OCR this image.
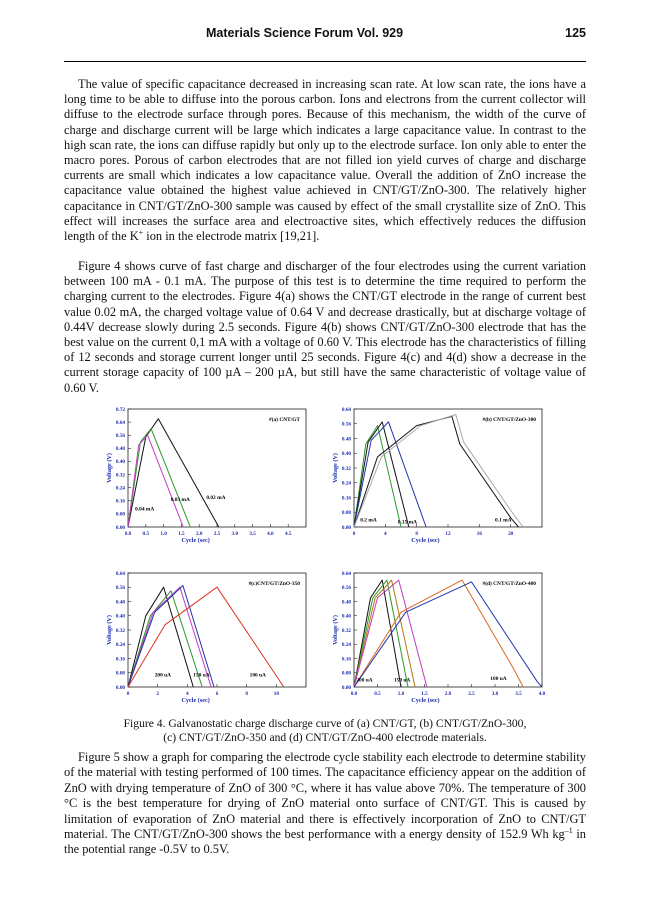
Materials Science Forum Vol. 929	125

The value of specific capacitance decreased in increasing scan rate. At low scan rate, the ions have a long time to be able to diffuse into the porous carbon. Ions and electrons from the current collector will diffuse to the electrode surface through pores. Because of this mechanism, the width of the curve of charge and discharge current will be large which indicates a large capacitance value. In contrast to the high scan rate, the ions can diffuse rapidly but only up to the electrode surface. Ion only able to enter the macro pores. Porous of carbon electrodes that are not filled ion yield curves of charge and discharge currents are small which indicates a low capacitance value. Overall the addition of ZnO increase the capacitance value obtained the highest value achieved in CNT/GT/ZnO-300. The relatively higher capacitance in CNT/GT/ZnO-300 sample was caused by effect of the small crystallite size of ZnO. This effect will increases the surface area and electroactive sites, which effectively reduces the diffusion length of the K+ ion in the electrode matrix [19,21].

Figure 4 shows curve of fast charge and discharger of the four electrodes using the current variation between 100 mA - 0.1 mA. The purpose of this test is to determine the time required to perform the charging current to the electrodes. Figure 4(a) shows the CNT/GT electrode in the range of current best value 0.02 mA, the charged voltage value of 0.64 V and decrease drastically, but at discharge voltage of 0.44V decrease slowly during 2.5 seconds. Figure 4(b) shows CNT/GT/ZnO-300 electrode that has the best value on the current 0,1 mA with a voltage of 0.60 V. This electrode has the characteristics of filling of 12 seconds and storage current longer until 25 seconds. Figure 4(c) and 4(d) show a decrease in the current storage capacity of 100 µA – 200 µA, but still have the same characteristic of voltage value of 0.60 V.

0.00
0.08
0.16
0.24
0.32
0.40
0.48
0.56
0.64
0.72
0.0 0.5 1.0 1.5 2.0 2.5 3.0 3.5 4.0 4.5
Cycle (sec)
Voltage (V)
#(a) CNT/GT
0.02 mA
0.03 mA
0.04 mA
0.00
0.08
0.16
0.24
0.32
0.40
0.48
0.56
0.64
0	4	8	12	16	20
Cycle (sec)
Voltage (V)
#(b) CNT/GT/ZnO-300
0.2 mA	0.15 mA	0.1 mA
0.00
0.08
0.16
0.24
0.32
0.40
0.48
0.56
0.64
0	2	4	6	8	10
Cycle (sec)
Voltage (V)
#(c)CNT/GT/ZnO-350
200 uA	150 uA	100 uA
0.00
0.08
0.16
0.24
0.32
0.40
0.48
0.56
0.64
0.0	0.5	1.0	1.5	2.0	2.5	3.0	3.5	4.0
Cycle (sec)
Voltage (V)
#(d) CNT/GT/ZnO-400
200 uA	150 uA	100 uA
Figure 4. Galvanostatic charge discharge curve of (a) CNT/GT, (b) CNT/GT/ZnO-300,
(c) CNT/GT/ZnO-350 and (d) CNT/GT/ZnO-400 electrode materials.

Figure 5 show a graph for comparing the electrode cycle stability each electrode to determine stability of the material with testing performed of 100 times. The capacitance efficiency appear on the addition of ZnO with drying temperature of ZnO of 300 °C, where it has value above 70%. The temperature of 300 °C is the best temperature for drying of ZnO material onto surface of CNT/GT. This is caused by limitation of evaporation of ZnO material and there is effectively incorporation of ZnO to CNT/GT material. The CNT/GT/ZnO-300 shows the best performance with a energy density of 152.9 Wh $kg^{-1}$ in the potential range -0.5V to 0.5V.
